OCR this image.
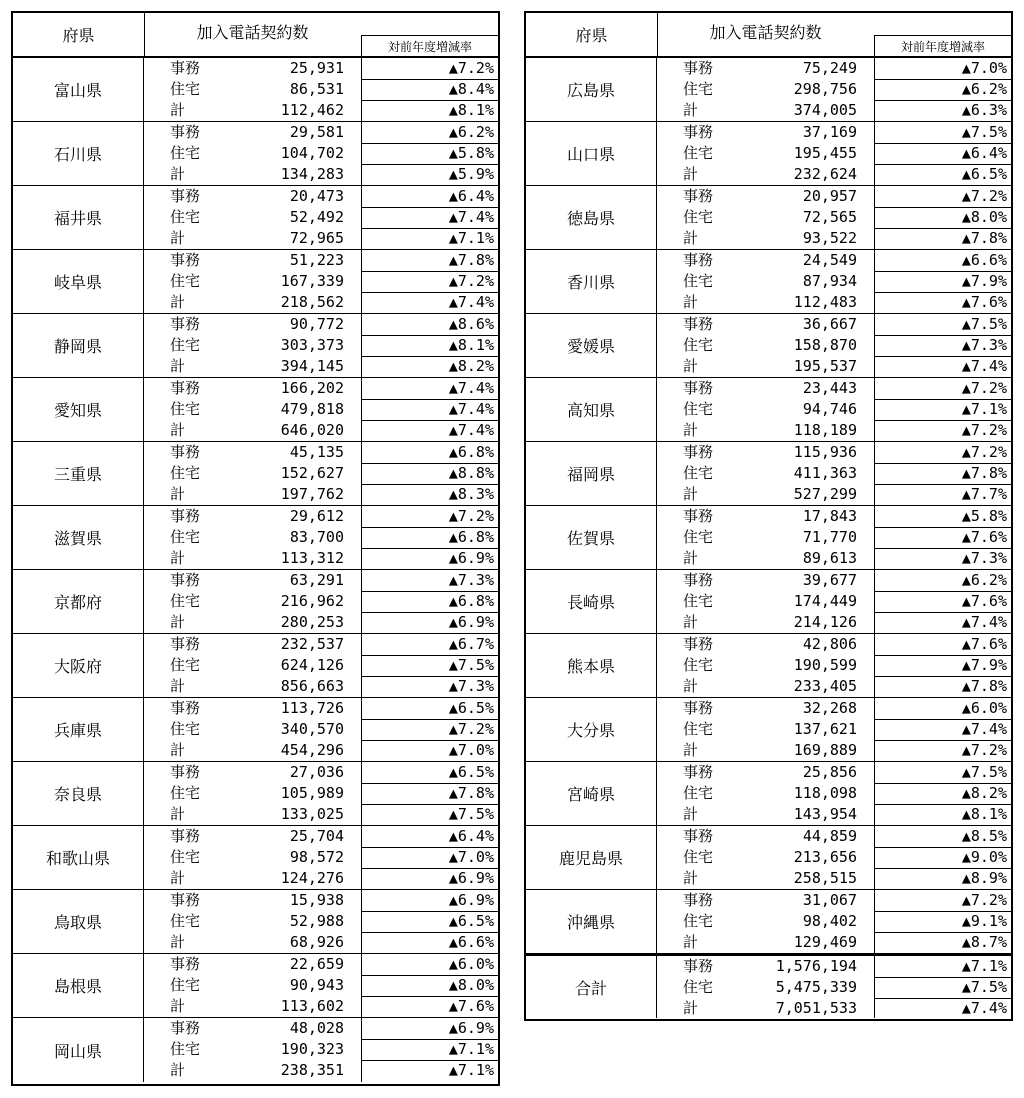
府県	加入電話契約数
対前年度増減率
富山県
事務	25,931	▲7.2%
住宅	86,531	▲8.4%
計	112,462	▲8.1%
石川県
事務	29,581	▲6.2%
住宅	104,702	▲5.8%
計	134,283	▲5.9%
福井県
事務	20,473	▲6.4%
住宅	52,492	▲7.4%
計	72,965	▲7.1%
岐阜県
事務	51,223	▲7.8%
住宅	167,339	▲7.2%
計	218,562	▲7.4%
静岡県
事務	90,772	▲8.6%
住宅	303,373	▲8.1%
計	394,145	▲8.2%
愛知県
事務	166,202	▲7.4%
住宅	479,818	▲7.4%
計	646,020	▲7.4%
三重県
事務	45,135	▲6.8%
住宅	152,627	▲8.8%
計	197,762	▲8.3%
滋賀県
事務	29,612	▲7.2%
住宅	83,700	▲6.8%
計	113,312	▲6.9%
京都府
事務	63,291	▲7.3%
住宅	216,962	▲6.8%
計	280,253	▲6.9%
大阪府
事務	232,537	▲6.7%
住宅	624,126	▲7.5%
計	856,663	▲7.3%
兵庫県
事務	113,726	▲6.5%
住宅	340,570	▲7.2%
計	454,296	▲7.0%
奈良県
事務	27,036	▲6.5%
住宅	105,989	▲7.8%
計	133,025	▲7.5%
和歌山県
事務	25,704	▲6.4%
住宅	98,572	▲7.0%
計	124,276	▲6.9%
鳥取県
事務	15,938	▲6.9%
住宅	52,988	▲6.5%
計	68,926	▲6.6%
島根県
事務	22,659	▲6.0%
住宅	90,943	▲8.0%
計	113,602	▲7.6%
岡山県
事務	48,028	▲6.9%
住宅	190,323	▲7.1%
計	238,351	▲7.1%
府県	加入電話契約数
対前年度増減率
広島県
事務	75,249	▲7.0%
住宅	298,756	▲6.2%
計	374,005	▲6.3%
山口県
事務	37,169	▲7.5%
住宅	195,455	▲6.4%
計	232,624	▲6.5%
徳島県
事務	20,957	▲7.2%
住宅	72,565	▲8.0%
計	93,522	▲7.8%
香川県
事務	24,549	▲6.6%
住宅	87,934	▲7.9%
計	112,483	▲7.6%
愛媛県
事務	36,667	▲7.5%
住宅	158,870	▲7.3%
計	195,537	▲7.4%
高知県
事務	23,443	▲7.2%
住宅	94,746	▲7.1%
計	118,189	▲7.2%
福岡県
事務	115,936	▲7.2%
住宅	411,363	▲7.8%
計	527,299	▲7.7%
佐賀県
事務	17,843	▲5.8%
住宅	71,770	▲7.6%
計	89,613	▲7.3%
長崎県
事務	39,677	▲6.2%
住宅	174,449	▲7.6%
計	214,126	▲7.4%
熊本県
事務	42,806	▲7.6%
住宅	190,599	▲7.9%
計	233,405	▲7.8%
大分県
事務	32,268	▲6.0%
住宅	137,621	▲7.4%
計	169,889	▲7.2%
宮崎県
事務	25,856	▲7.5%
住宅	118,098	▲8.2%
計	143,954	▲8.1%
鹿児島県
事務	44,859	▲8.5%
住宅	213,656	▲9.0%
計	258,515	▲8.9%
沖縄県
事務	31,067	▲7.2%
住宅	98,402	▲9.1%
計	129,469	▲8.7%
合計
事務	1,576,194	▲7.1%
住宅	5,475,339	▲7.5%
計	7,051,533	▲7.4%
